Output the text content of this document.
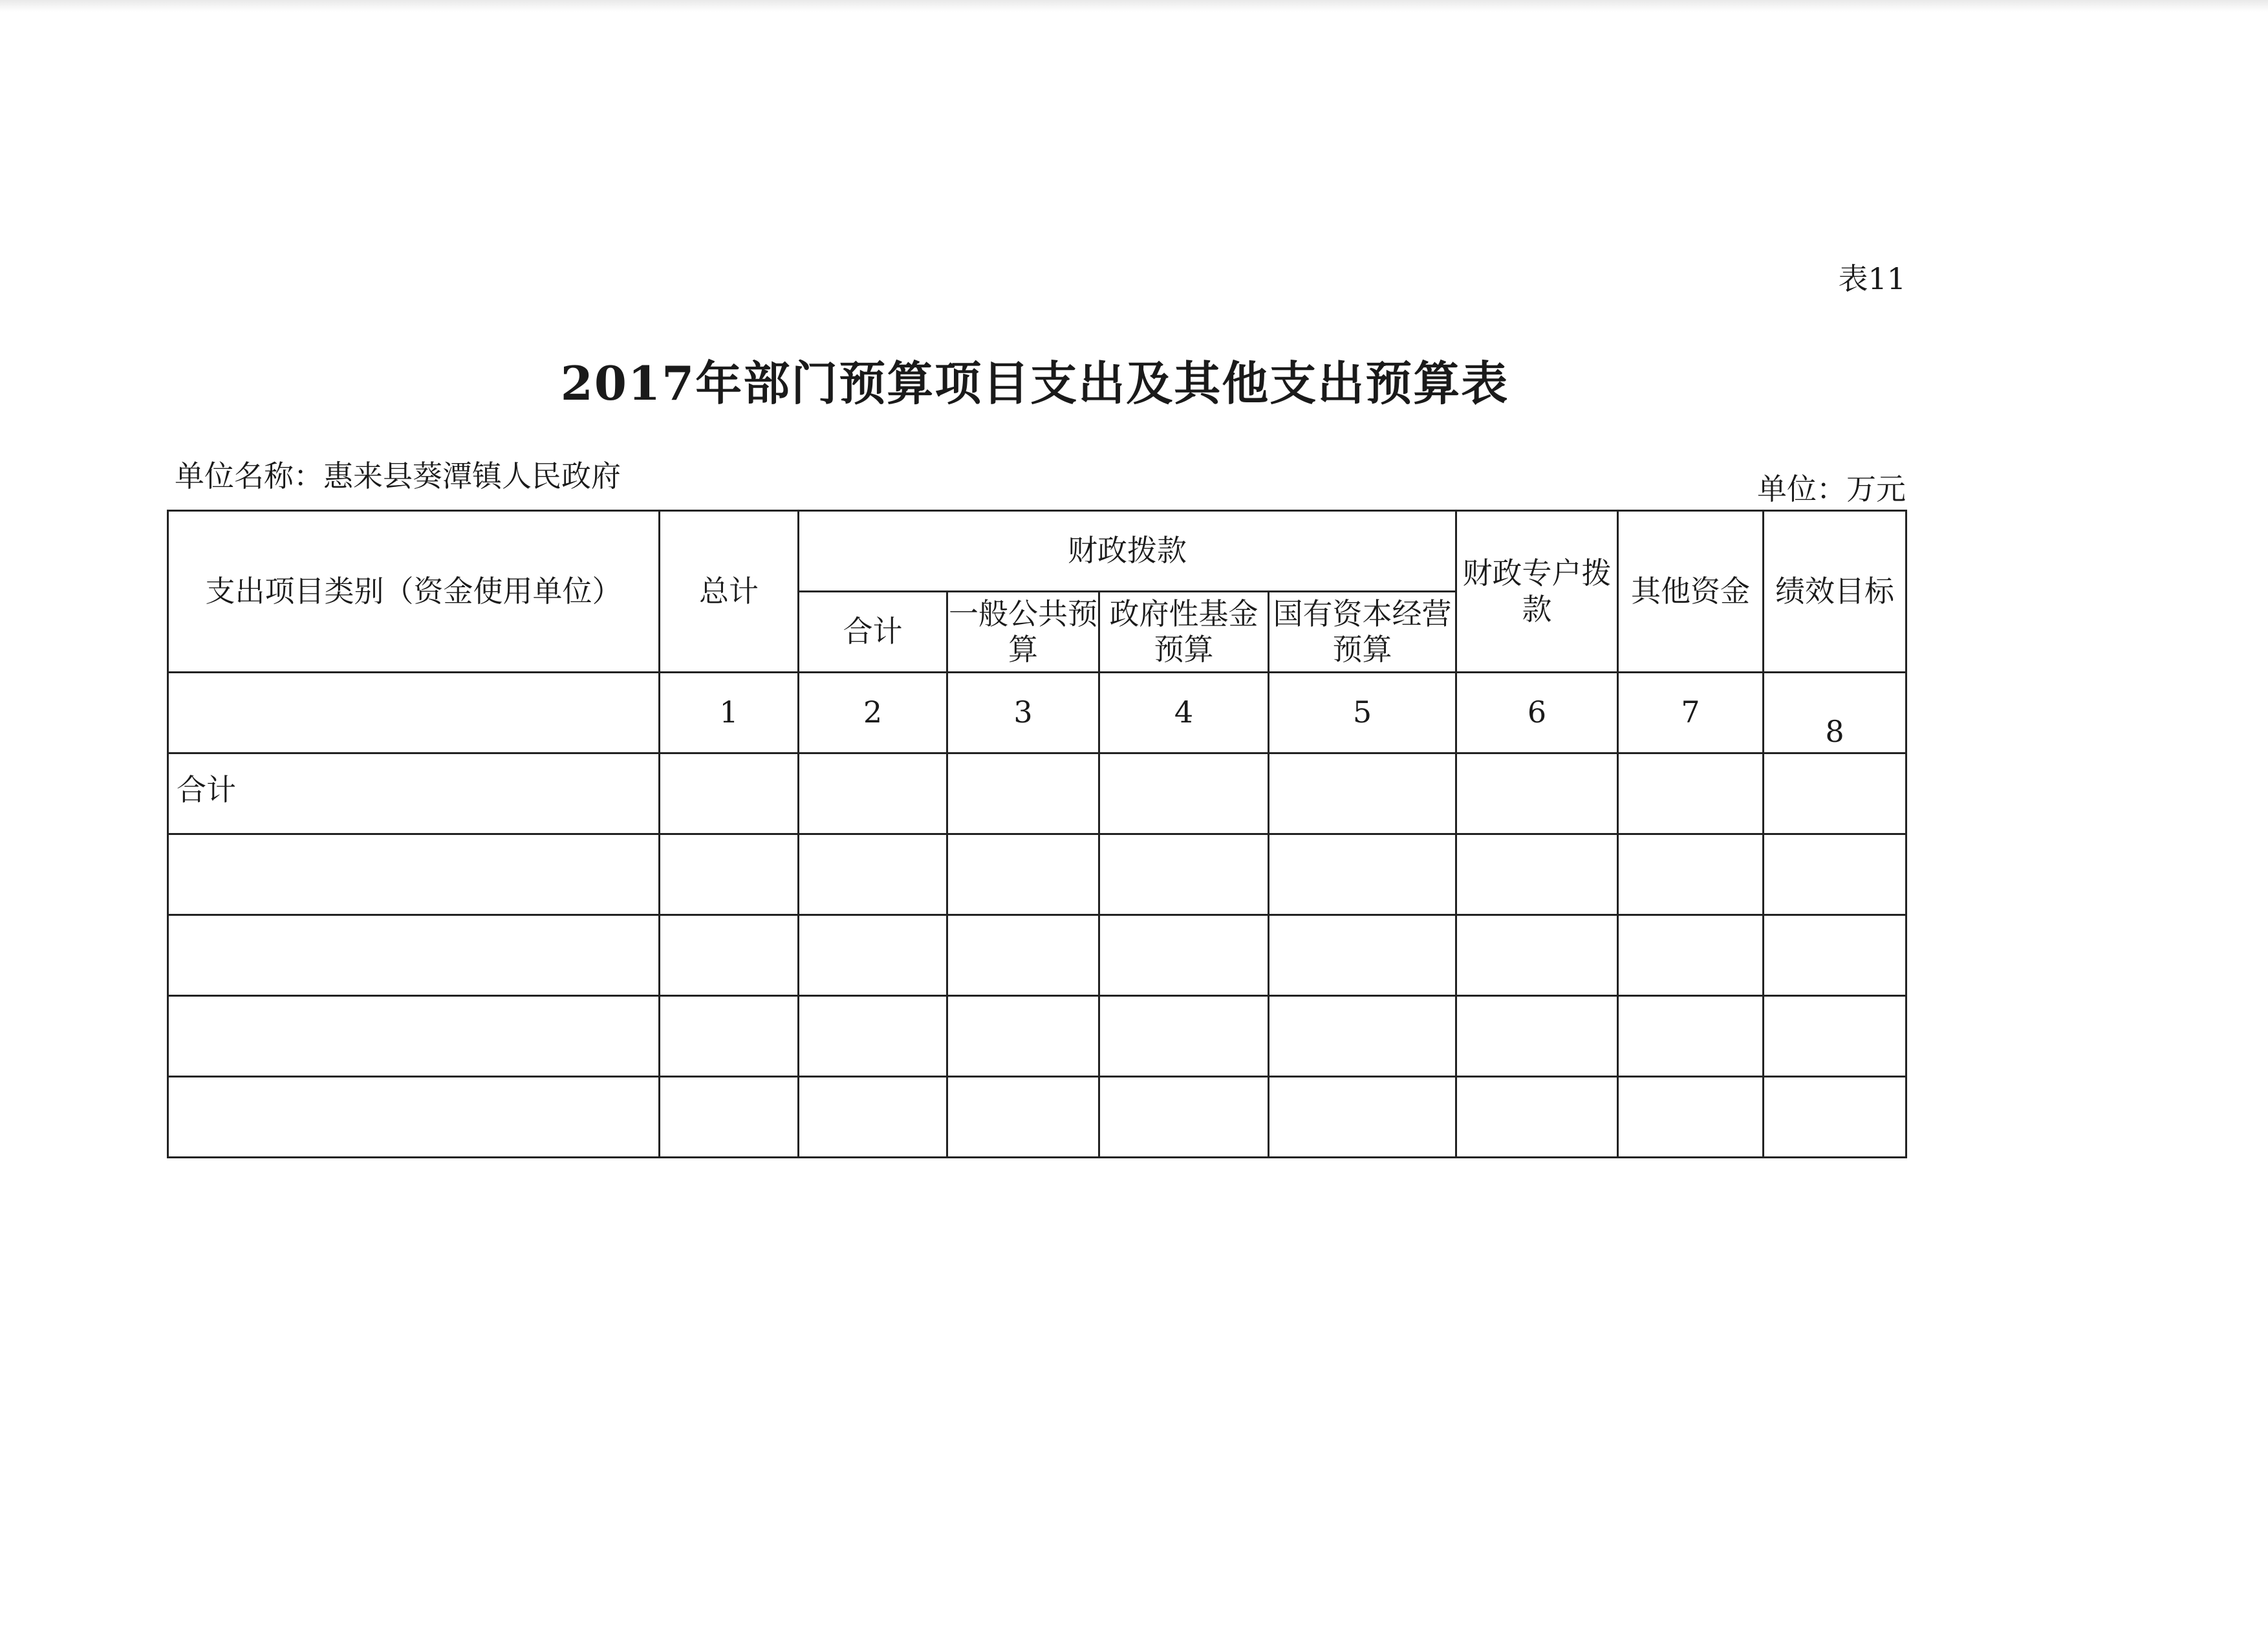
表11
2017年部门预算项目支出及其他支出预算表
单位名称：惠来县葵潭镇人民政府	单位：万元
支出项目类别（资金使用单位）	总计	财政拨款				财政专户拨款	其他资金	绩效目标
		合计	一般公共预算	政府性基金预算	国有资本经营预算			
	1	2	3	4	5	6	7	8
合计								
